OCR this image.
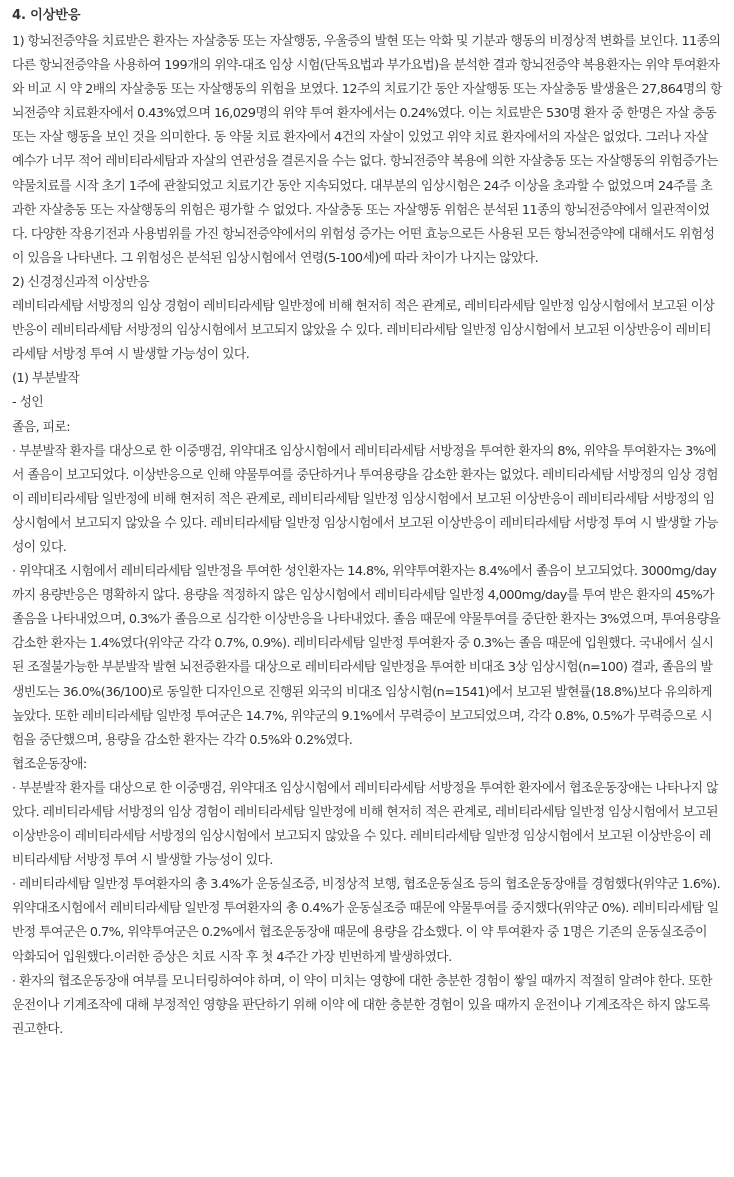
4. 이상반응

1) 항뇌전증약을 치료받은 환자는 자살충동 또는 자살행동, 우울증의 발현 또는 악화 및 기분과 행동의 비정상적 변화를 보인다. 11종의 다른 항뇌전증약을 사용하여 199개의 위약-대조 임상 시험(단독요법과 부가요법)을 분석한 결과 항뇌전증약 복용환자는 위약 투여환자와 비교 시 약 2배의 자살충동 또는 자살행동의 위험을 보였다. 12주의 치료기간 동안 자살행동 또는 자살충동 발생율은 27,864명의 항뇌전증약 치료환자에서 0.43%였으며 16,029명의 위약 투여 환자에서는 0.24%였다. 이는 치료받은 530명 환자 중 한명은 자살 충동 또는 자살 행동을 보인 것을 의미한다. 동 약물 치료 환자에서 4건의 자살이 있었고 위약 치료 환자에서의 자살은 없었다. 그러나 자살 예수가 너무 적어 레비티라세탐과 자살의 연관성을 결론지을 수는 없다. 항뇌전증약 복용에 의한 자살충동 또는 자살행동의 위험증가는 약물치료를 시작 초기 1주에 관찰되었고 치료기간 동안 지속되었다. 대부분의 임상시험은 24주 이상을 초과할 수 없었으며 24주를 초과한 자살충동 또는 자살행동의 위험은 평가할 수 없었다. 자살충동 또는 자살행동 위험은 분석된 11종의 항뇌전증약에서 일관적이었다. 다양한 작용기전과 사용범위를 가진 항뇌전증약에서의 위험성 증가는 어떤 효능으로든 사용된 모든 항뇌전증약에 대해서도 위험성이 있음을 나타낸다. 그 위험성은 분석된 임상시험에서 연령(5-100세)에 따라 차이가 나지는 않았다.

2) 신경정신과적 이상반응

레비티라세탐 서방정의 임상 경험이 레비티라세탐 일반정에 비해 현저히 적은 관계로, 레비티라세탐 일반정 임상시험에서 보고된 이상반응이 레비티라세탐 서방정의 임상시험에서 보고되지 않았을 수 있다. 레비티라세탐 일반정 임상시험에서 보고된 이상반응이 레비티라세탐 서방정 투여 시 발생할 가능성이 있다.

(1) 부분발작

- 성인

졸음, 피로:

· 부분발작 환자를 대상으로 한 이중맹검, 위약대조 임상시험에서 레비티라세탐 서방정을 투여한 환자의 8%, 위약을 투여환자는 3%에서 졸음이 보고되었다. 이상반응으로 인해 약물투여를 중단하거나 투여용량을 감소한 환자는 없었다. 레비티라세탐 서방정의 임상 경험이 레비티라세탐 일반정에 비해 현저히 적은 관계로, 레비티라세탐 일반정 임상시험에서 보고된 이상반응이 레비티라세탐 서방정의 임상시험에서 보고되지 않았을 수 있다. 레비티라세탐 일반정 임상시험에서 보고된 이상반응이 레비티라세탐 서방정 투여 시 발생할 가능성이 있다.

· 위약대조 시험에서 레비티라세탐 일반정을 투여한 성인환자는 14.8%, 위약투여환자는 8.4%에서 졸음이 보고되었다. 3000mg/day까지 용량반응은 명확하지 않다. 용량을 적정하지 않은 임상시험에서 레비티라세탐 일반정 4,000mg/day를 투여 받은 환자의 45%가 졸음을 나타내었으며, 0.3%가 졸음으로 심각한 이상반응을 나타내었다. 졸음 때문에 약물투여를 중단한 환자는 3%였으며, 투여용량을 감소한 환자는 1.4%였다(위약군 각각 0.7%, 0.9%). 레비티라세탐 일반정 투여환자 중 0.3%는 졸음 때문에 입원했다. 국내에서 실시된 조절불가능한 부분발작 발현 뇌전증환자를 대상으로 레비티라세탐 일반정을 투여한 비대조 3상 임상시험(n=100) 결과, 졸음의 발생빈도는 36.0%(36/100)로 동일한 디자인으로 진행된 외국의 비대조 임상시험(n=1541)에서 보고된 발현률(18.8%)보다 유의하게 높았다. 또한 레비티라세탐 일반정 투여군은 14.7%, 위약군의 9.1%에서 무력증이 보고되었으며, 각각 0.8%, 0.5%가 무력증으로 시험을 중단했으며, 용량을 감소한 환자는 각각 0.5%와 0.2%였다.

협조운동장애:

· 부분발작 환자를 대상으로 한 이중맹검, 위약대조 임상시험에서 레비티라세탐 서방정을 투여한 환자에서 협조운동장애는 나타나지 않았다. 레비티라세탐 서방정의 임상 경험이 레비티라세탐 일반정에 비해 현저히 적은 관계로, 레비티라세탐 일반정 임상시험에서 보고된 이상반응이 레비티라세탐 서방정의 임상시험에서 보고되지 않았을 수 있다. 레비티라세탐 일반정 임상시험에서 보고된 이상반응이 레비티라세탐 서방정 투여 시 발생할 가능성이 있다.

· 레비티라세탐 일반정 투여환자의 총 3.4%가 운동실조증, 비정상적 보행, 협조운동실조 등의 협조운동장애를 경험했다(위약군 1.6%). 위약대조시험에서 레비티라세탐 일반정 투여환자의 총 0.4%가 운동실조증 때문에 약물투여를 중지했다(위약군 0%). 레비티라세탐 일반정 투여군은 0.7%, 위약투여군은 0.2%에서 협조운동장애 때문에 용량을 감소했다. 이 약 투여환자 중 1명은 기존의 운동실조증이 악화되어 입원했다.이러한 증상은 치료 시작 후 첫 4주간 가장 빈번하게 발생하였다.

· 환자의 협조운동장애 여부를 모니터링하여야 하며, 이 약이 미치는 영향에 대한 충분한 경험이 쌓일 때까지 적절히 알려야 한다. 또한 운전이나 기계조작에 대해 부정적인 영향을 판단하기 위해 이약 에 대한 충분한 경험이 있을 때까지 운전이나 기계조작은 하지 않도록 권고한다.
